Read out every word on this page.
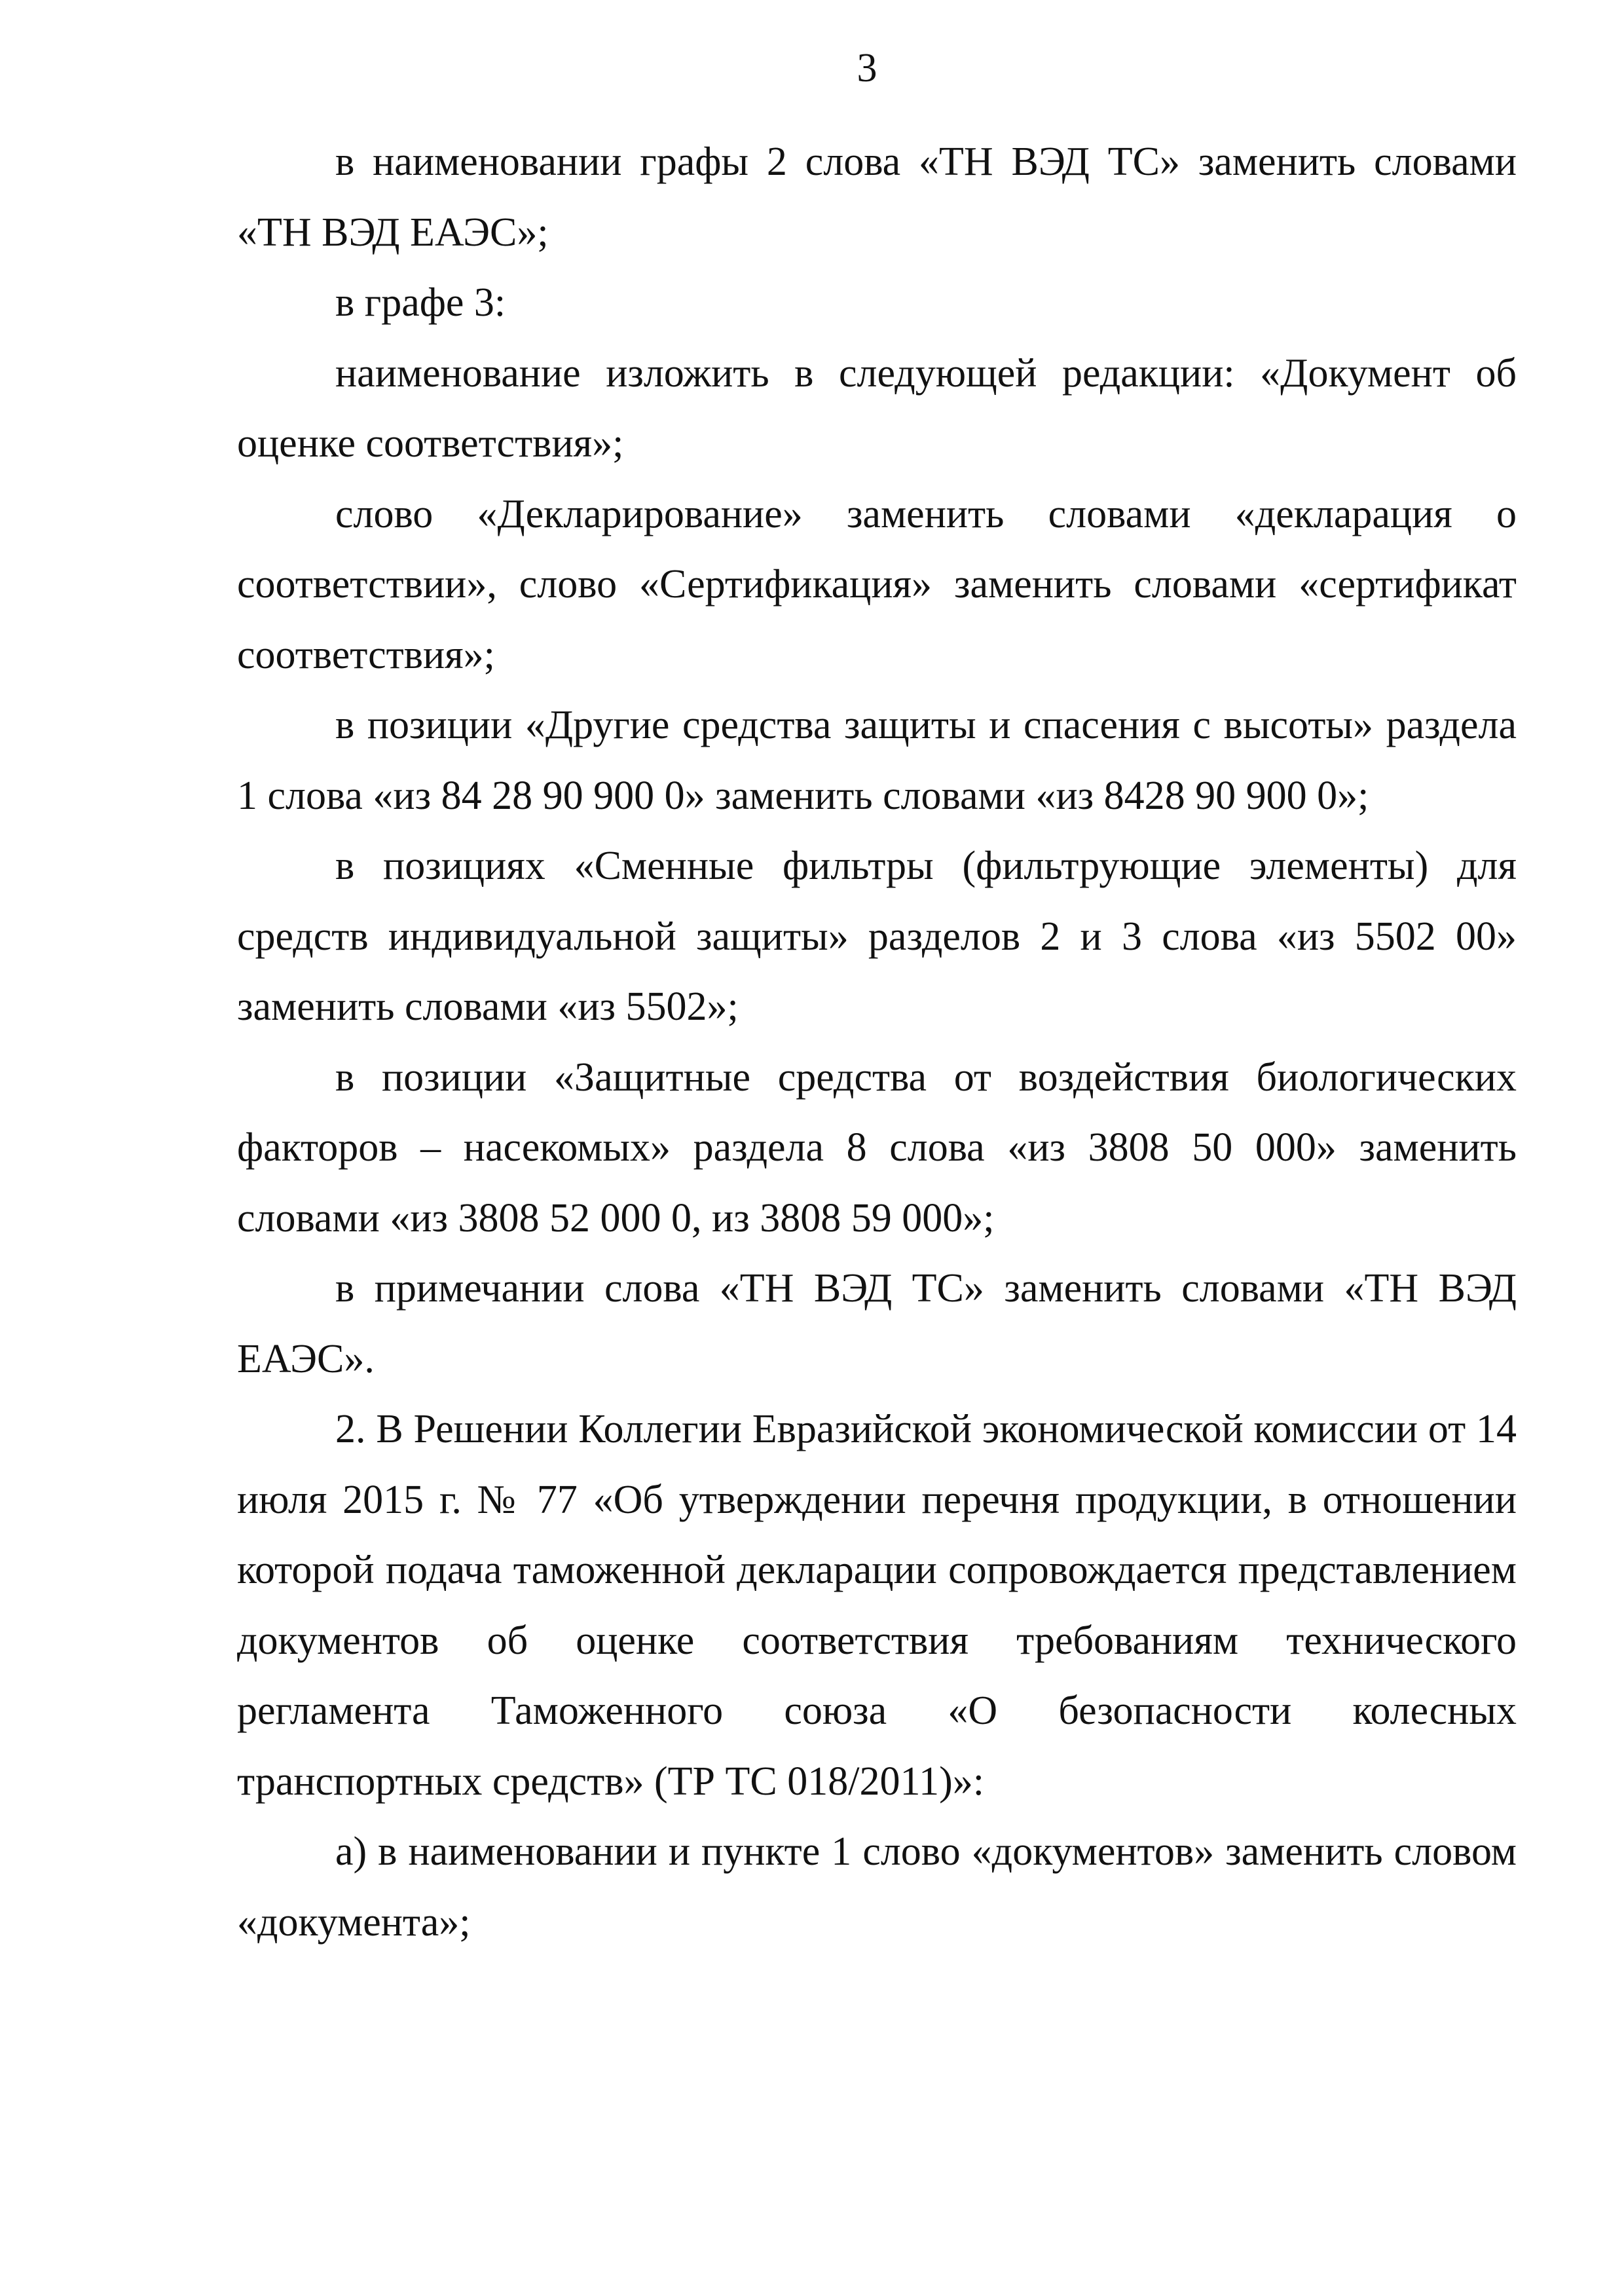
3

в наименовании графы 2 слова «ТН ВЭД ТС» заменить словами «ТН ВЭД ЕАЭС»;

в графе 3:

наименование изложить в следующей редакции: «Документ об оценке соответствия»;

слово «Декларирование» заменить словами «декларация о соответствии», слово «Сертификация» заменить словами «сертификат соответствия»;

в позиции «Другие средства защиты и спасения с высоты» раздела 1 слова «из 84 28 90 900 0» заменить словами «из 8428 90 900 0»;

в позициях «Сменные фильтры (фильтрующие элементы) для средств индивидуальной защиты» разделов 2 и 3 слова «из 5502 00» заменить словами «из 5502»;

в позиции «Защитные средства от воздействия биологических факторов – насекомых» раздела 8 слова «из 3808 50 000» заменить словами «из 3808 52 000 0, из 3808 59 000»;

в примечании слова «ТН ВЭД ТС» заменить словами «ТН ВЭД ЕАЭС».

2. В Решении Коллегии Евразийской экономической комиссии от 14 июля 2015 г. № 77 «Об утверждении перечня продукции, в отношении которой подача таможенной декларации сопровождается представлением документов об оценке соответствия требованиям технического регламента Таможенного союза «О безопасности колесных транспортных средств» (ТР ТС 018/2011)»:

а) в наименовании и пункте 1 слово «документов» заменить словом «документа»;
